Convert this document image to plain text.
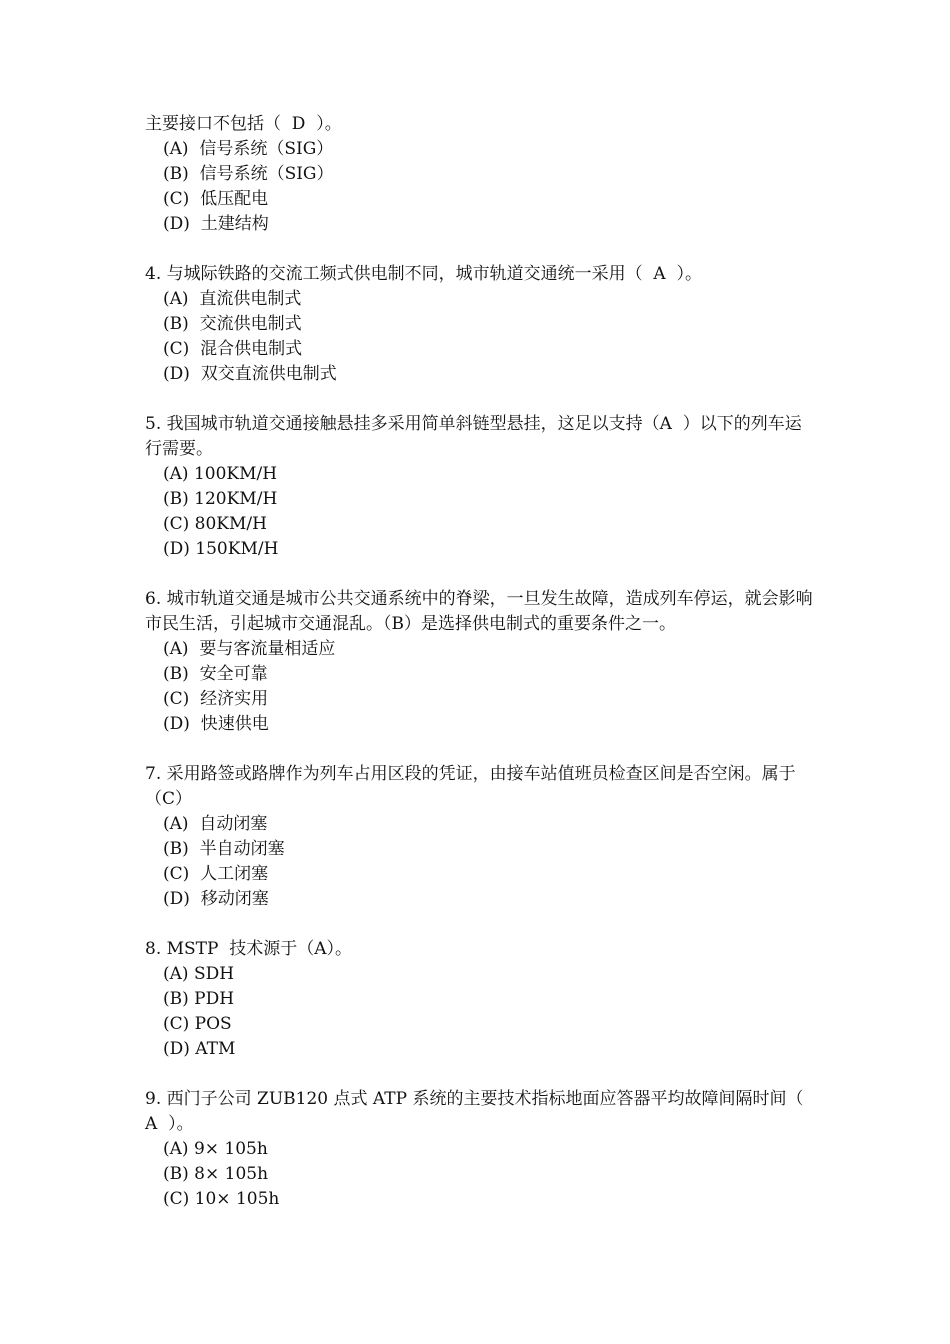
主要接口不包括（  D  ）。
(A)  信号系统（SIG）
(B)  信号系统（SIG）
(C)  低压配电
(D)  土建结构
4. 与城际铁路的交流工频式供电制不同，城市轨道交通统一采用（  A  ）。
(A)  直流供电制式
(B)  交流供电制式
(C)  混合供电制式
(D)  双交直流供电制式
5. 我国城市轨道交通接触悬挂多采用简单斜链型悬挂，这足以支持（A  ）以下的列车运行需要。
(A) 100KM/H
(B) 120KM/H
(C) 80KM/H
(D) 150KM/H
6. 城市轨道交通是城市公共交通系统中的脊梁，一旦发生故障，造成列车停运，就会影响市民生活，引起城市交通混乱。（B）是选择供电制式的重要条件之一。
(A)  要与客流量相适应
(B)  安全可靠
(C)  经济实用
(D)  快速供电
7. 采用路签或路牌作为列车占用区段的凭证，由接车站值班员检查区间是否空闲。属于（C）
(A)  自动闭塞
(B)  半自动闭塞
(C)  人工闭塞
(D)  移动闭塞
8. MSTP  技术源于（A）。
(A) SDH
(B) PDH
(C) POS
(D) ATM
9. 西门子公司 ZUB120 点式 ATP 系统的主要技术指标地面应答器平均故障间隔时间（  A  ）。
(A) 9× 105h
(B) 8× 105h
(C) 10× 105h
